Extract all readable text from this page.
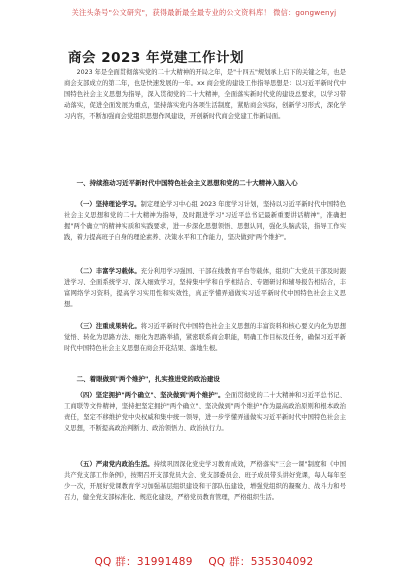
关注头条号"公文研究"，获得最新最全最专业的公文资料库！ 微信：gongwenyj
商会 2023 年党建工作计划

2023 年是全面贯彻落实党的二十大精神的开局之年，是"十四五"规划承上启下的关键之年，也是商会支部成立的第二年，也是快速发展的一年。xx 商会党的建设工作指导思想是：以习近平新时代中国特色社会主义思想为指导，深入贯彻党的二十大精神，全面落实新时代党的建设总要求，以学习带动落实，促进全面发展为重点，坚持落实党内各项生活制度，紧贴商会实际，创新学习形式，深化学习内容，不断加强商会党组织思想作风建设，开创新时代商会党建工作新局面。

一、持续推动习近平新时代中国特色社会主义思想和党的二十大精神入脑入心

（一）坚持理论学习。制定理论学习中心组 2023 年度学习计划，坚持以习近平新时代中国特色社会主义思想和党的二十大精神为指导，及时跟进学习"习近平总书记最新重要讲话精神"，准确把握"两个确立"的精神实质和实践要求，进一步深化思想领悟、思想认同，强化头脑武装，指导工作实践，着力提高班子自身的理论素养、决策水平和工作能力，坚决做到"两个维护"。

（二）丰富学习载体。充分利用学习强国、干部在线教育平台等载体，组织广大党员干部及时跟进学习、全面系统学习、深入细致学习，坚持集中学和自学相结合、专题研讨和辅导报告相结合，丰富网络学习资料，提高学习实用性和实效性，真正学懂弄通做实习近平新时代中国特色社会主义思想。

（三）注重成果转化。将习近平新时代中国特色社会主义思想的丰富资料和核心要义内化为思想觉悟、转化为思路方法、细化为思路举措，紧密联系商会职能，明确工作目标及任务，确保习近平新时代中国特色社会主义思想在商会开花结果、落地生根。

二、着眼做到"两个维护"，扎实推进党的政治建设

（四）坚定拥护"两个确立"、坚决做到"两个维护"。全面贯彻党的二十大精神和习近平总书记、工商联等文件精神，坚持把坚定拥护"两个确立"、坚决做到"两个维护"作为最高政治原则和根本政治责任，坚定不移维护党中央权威和集中统一领导，进一步学懂弄通做实习近平新时代中国特色社会主义思想，不断提高政治判断力、政治领悟力、政治执行力。

（五）严肃党内政治生活。持续巩固深化党史学习教育成效，严格落实"三会一课"制度和《中国共产党支部工作条例》，按期召开支部党员大会、党支部委员会、班子成员带头讲好党课，每人每年至少一次，开展好党课教育学习加强基层组织建设和干部队伍建设，增强党组织的凝聚力、战斗力和号召力，健全党支部标准化、规范化建设，严格党员教育管理，严格组织生活。

QQ 群：31991489 QQ 群：535304092
